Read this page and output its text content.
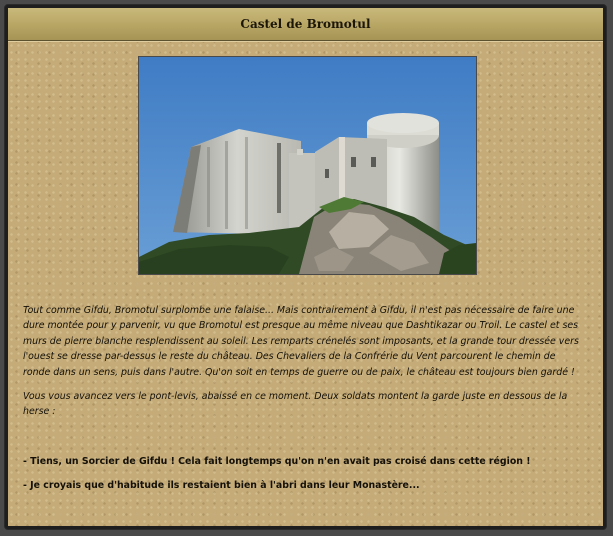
Castel de Bromotul

Tout comme Gifdu, Bromotul surplombe une falaise... Mais contrairement à Gifdu, il n'est pas nécessaire de faire une dure montée pour y parvenir, vu que Bromotul est presque au même niveau que Dashtikazar ou Troil. Le castel et ses murs de pierre blanche resplendissent au soleil. Les remparts crénelés sont imposants, et la grande tour dressée vers l'ouest se dresse par-dessus le reste du château. Des Chevaliers de la Confrérie du Vent parcourent le chemin de ronde dans un sens, puis dans l'autre. Qu'on soit en temps de guerre ou de paix, le château est toujours bien gardé !

Vous vous avancez vers le pont-levis, abaissé en ce moment. Deux soldats montent la garde juste en dessous de la herse :

- Tiens, un Sorcier de Gifdu ! Cela fait longtemps qu'on n'en avait pas croisé dans cette région !
- Je croyais que d'habitude ils restaient bien à l'abri dans leur Monastère...
